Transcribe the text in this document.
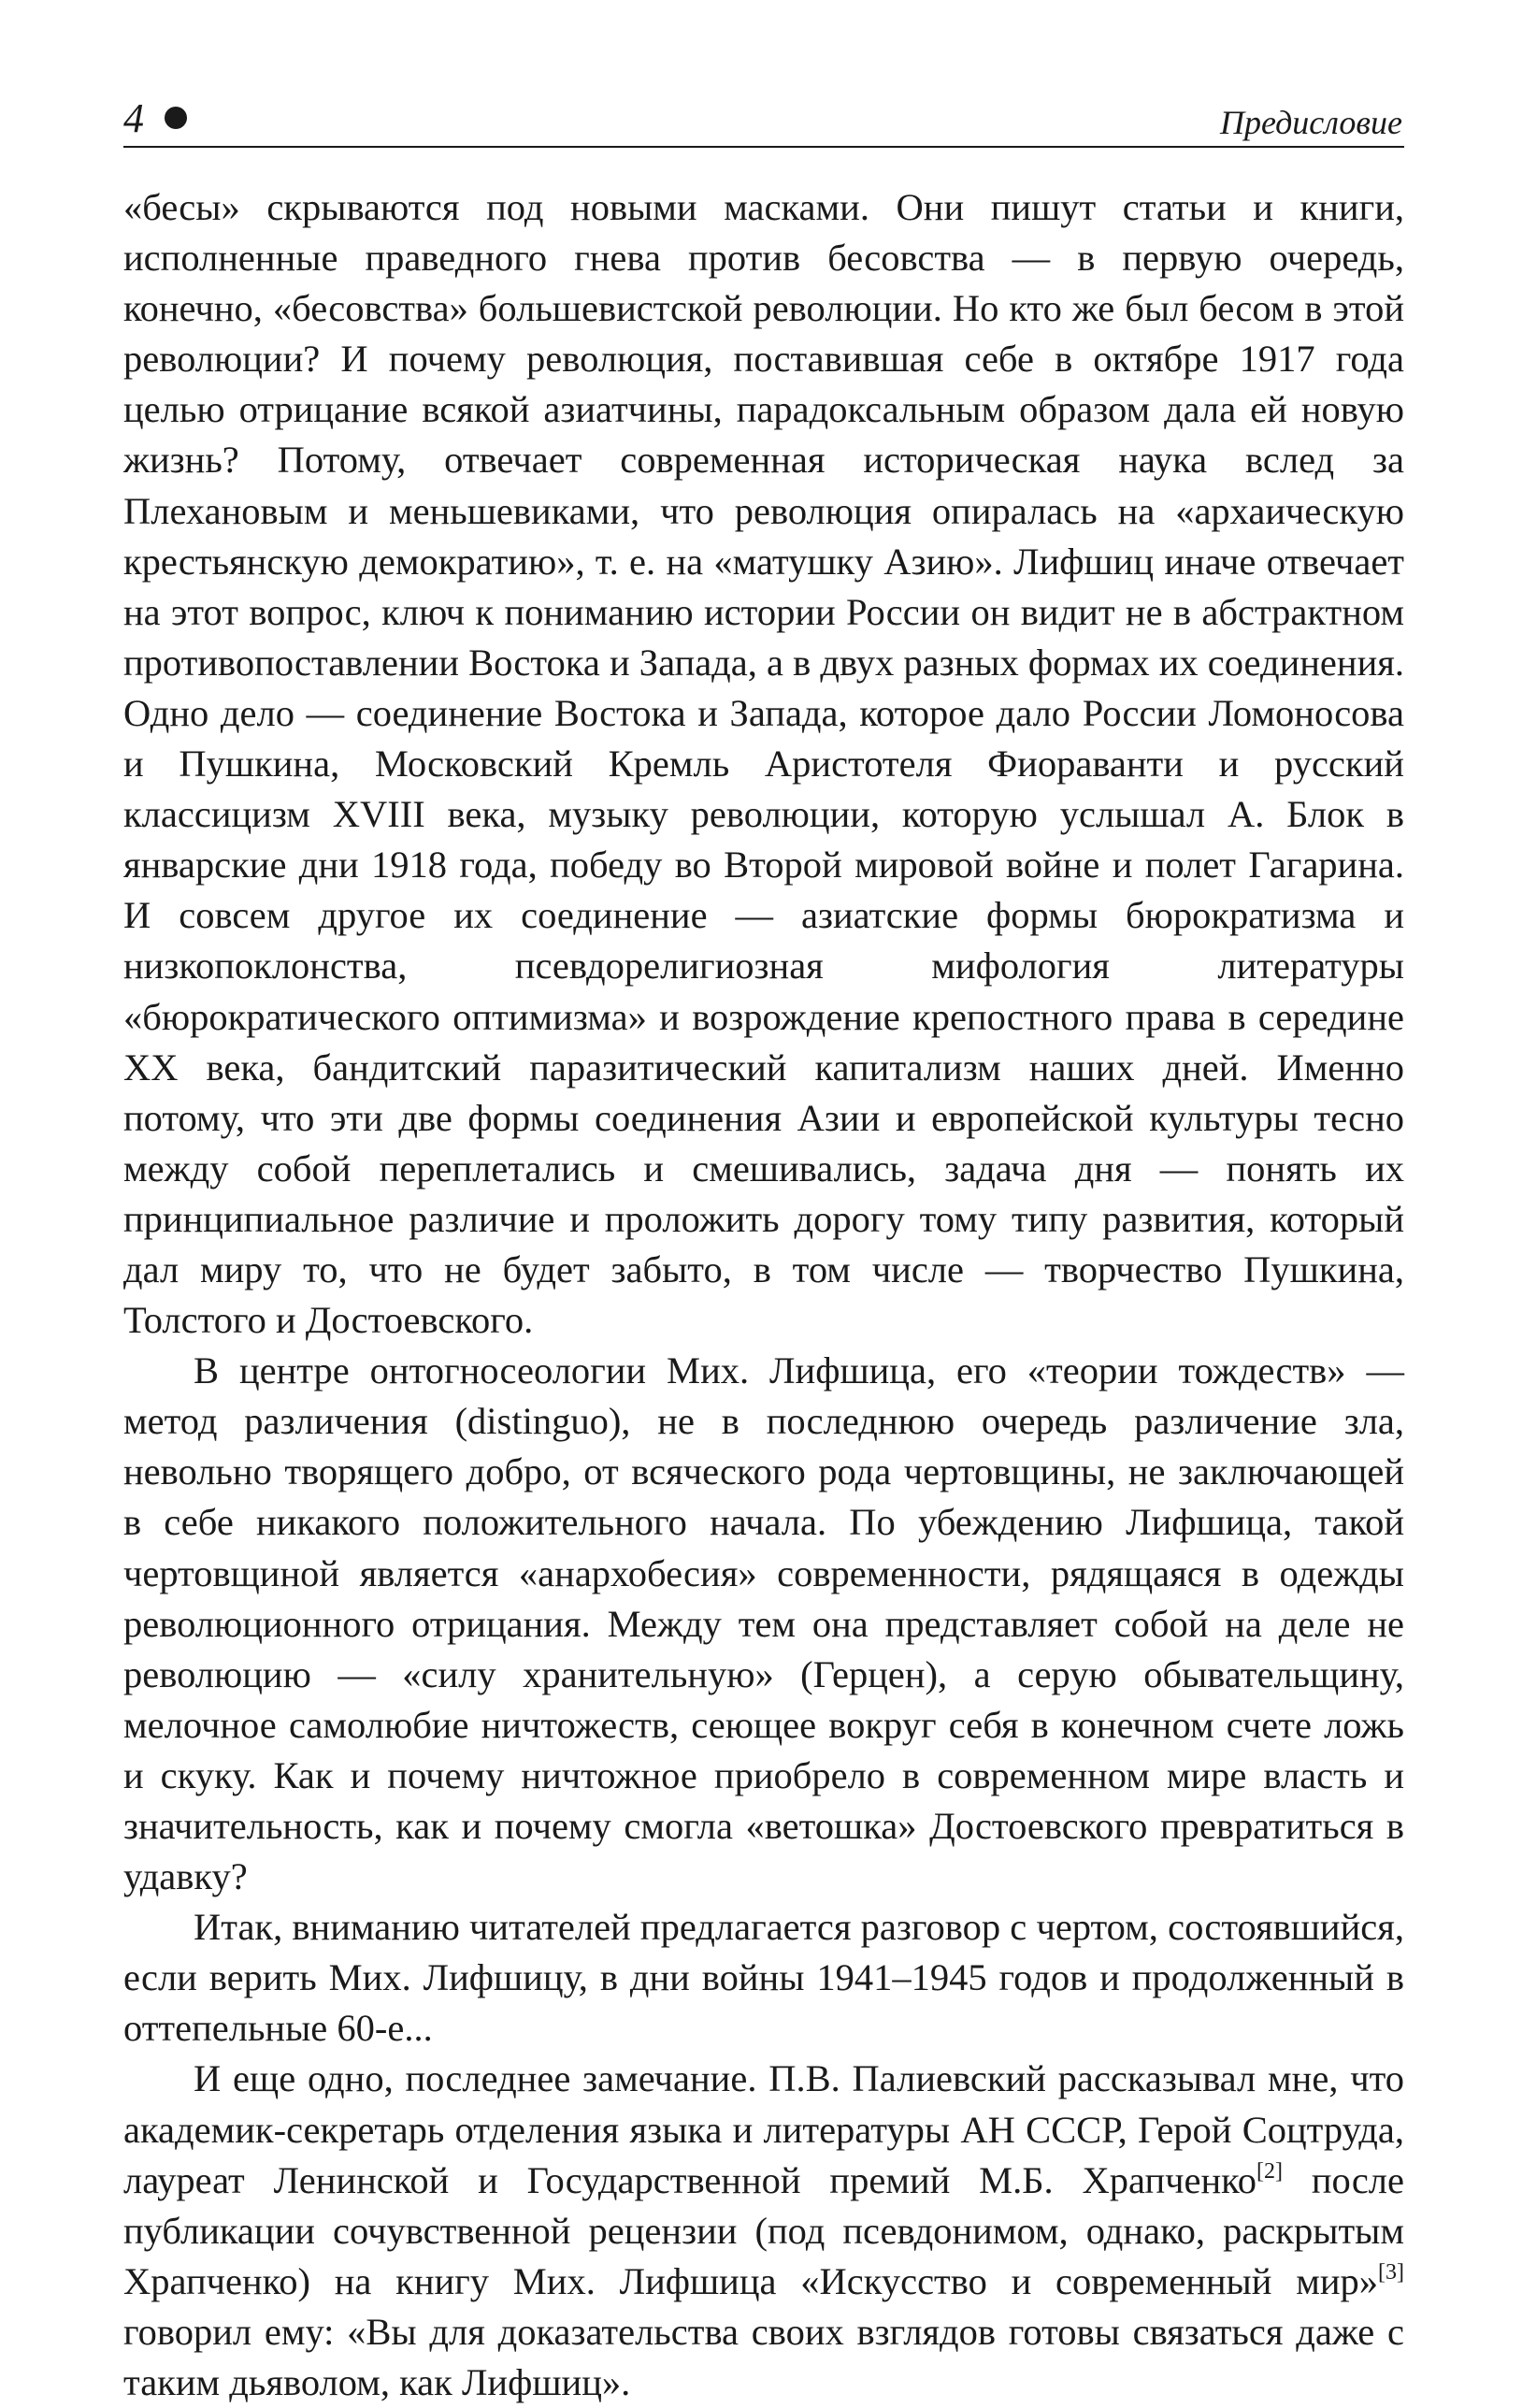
4	Предисловие

«бесы» скрываются под новыми масками. Они пишут статьи и книги, исполненные праведного гнева против бесовства — в первую очередь, конечно, «бесовства» большевистской революции. Но кто же был бесом в этой революции? И почему революция, поставившая себе в октябре 1917 года целью отрицание всякой азиатчины, парадоксальным образом дала ей новую жизнь? Потому, отвечает современная историческая наука вслед за Плехановым и меньшевиками, что революция опиралась на «архаическую крестьянскую демократию», т. е. на «матушку Азию». Лифшиц иначе отвечает на этот вопрос, ключ к пониманию истории России он видит не в абстрактном противопоставлении Востока и Запада, а в двух разных формах их соединения. Одно дело — соединение Востока и Запада, которое дало России Ломоносова и Пушкина, Московский Кремль Аристотеля Фиораванти и русский классицизм XVIII века, музыку революции, которую услышал А. Блок в январские дни 1918 года, победу во Второй мировой войне и полет Гагарина. И совсем другое их соединение — азиатские формы бюрократизма и низкопоклонства, псевдорелигиозная мифология литературы «бюрократического оптимизма» и возрождение крепостного права в середине XX века, бандитский паразитический капитализм наших дней. Именно потому, что эти две формы соединения Азии и европейской культуры тесно между собой переплетались и смешивались, задача дня — понять их принципиальное различие и проложить дорогу тому типу развития, который дал миру то, что не будет забыто, в том числе — творчество Пушкина, Толстого и Достоевского.

В центре онтогносеологии Мих. Лифшица, его «теории тождеств» — метод различения (distinguo), не в последнюю очередь различение зла, невольно творящего добро, от всяческого рода чертовщины, не заключающей в себе никакого положительного начала. По убеждению Лифшица, такой чертовщиной является «анархобесия» современности, рядящаяся в одежды революционного отрицания. Между тем она представляет собой на деле не революцию — «силу хранительную» (Герцен), а серую обывательщину, мелочное самолюбие ничтожеств, сеющее вокруг себя в конечном счете ложь и скуку. Как и почему ничтожное приобрело в современном мире власть и значительность, как и почему смогла «ветошка» Достоевского превратиться в удавку?

Итак, вниманию читателей предлагается разговор с чертом, состоявшийся, если верить Мих. Лифшицу, в дни войны 1941–1945 годов и продолженный в оттепельные 60-е...

И еще одно, последнее замечание. П.В. Палиевский рассказывал мне, что академик-секретарь отделения языка и литературы АН СССР, Герой Соцтруда, лауреат Ленинской и Государственной премий М.Б. Храпченко[2] после публикации сочувственной рецензии (под псевдонимом, однако, раскрытым Храпченко) на книгу Мих. Лифшица «Искусство и современный мир»[3] говорил ему: «Вы для доказательства своих взглядов готовы связаться даже с таким дьяволом, как Лифшиц».
